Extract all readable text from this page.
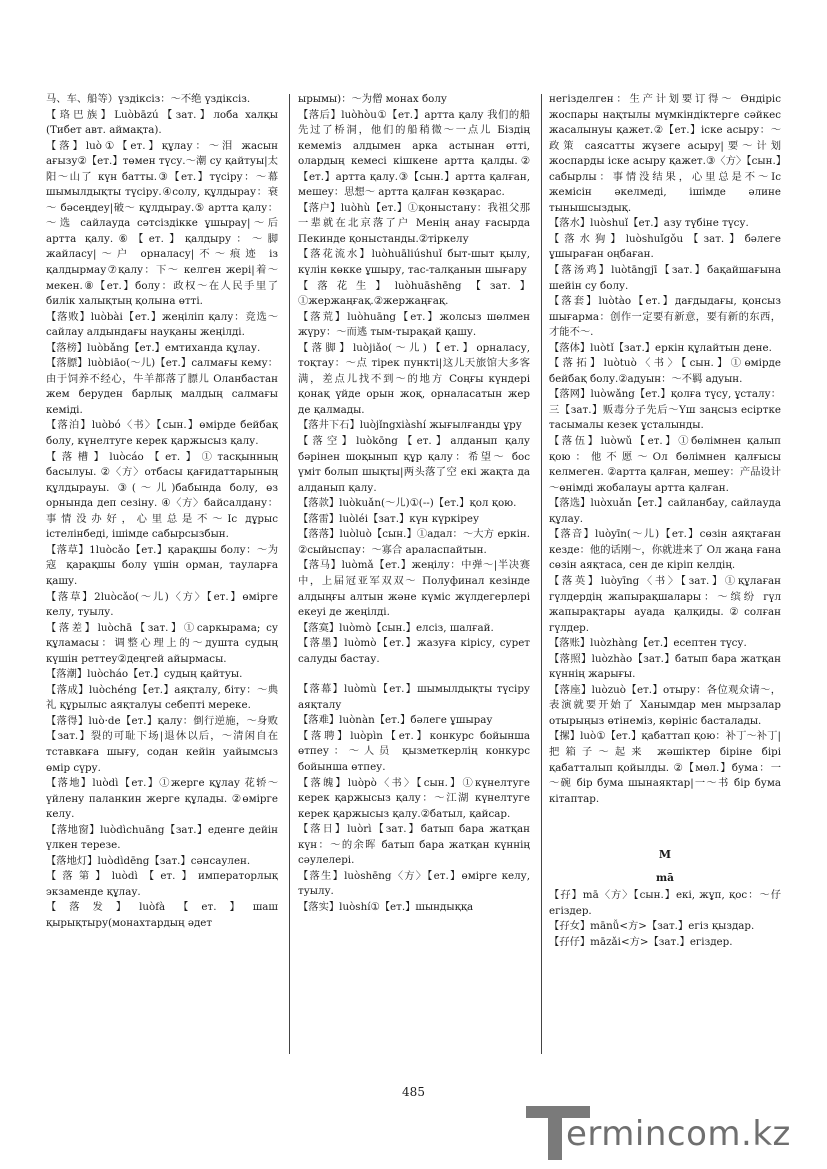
马、车、船等）үздіксіз：～不绝 үздіксіз.

【珞巴族】Luòbāzú【зат.】лоба халқы (Тибет авт. аймақта).

【落】luò①【ет.】құлау：～泪 жасын ағызу②【ет.】төмен түсу.～潮 су қайтуы|太阳～山了 күн батты.③【ет.】түсіру：～幕 шымылдықты түсіру.④солу, құлдырау：衰～ бәсеңдеу|破～ құлдырау.⑤ артта қалу：～选 сайлауда сәтсіздікке ұшырау|～后 артта қалу.⑥【ет.】қалдыру：～脚 жайласу|～户 орналасу|不～痕迹 із қалдырмау⑦қалу：下～ келген жері|着～ мекен.⑧【ет.】болу：政权～在人民手里了 билік халықтың қолына өтті.

【落败】luòbài【ет.】жеңіліп қалу：竞选～сайлау алдындағы науқаны жеңілді.

【落榜】luòbǎng【ет.】емтиханда құлау.

【落膘】luòbiāo(～儿)【ет.】салмағы кему：由于饲养不经心，牛羊都落了膘儿 Оланбастан жем беруден барлық малдың салмағы кеміді.

【落泊】luòbó〈书〉【сын.】өмірде бейбақ болу, күнелтуге керек қаржысыз қалу.

【落槽】luòcáo【ет.】①тасқынның басылуы. ②〈方〉отбасы қағидаттарының құлдырауы. ③(～儿)бабында болу, өз орнында деп сезіну. ④〈方〉байсалдану：事情没办好，心里总是不～Іс дұрыс істелінбеді, ішімде сабырсызбын.

【落草】1luòcǎo【ет.】қарақшы болу：～为寇 қарақшы болу үшін орман, тауларға қашу.

【落草】2luòcǎo(～儿)〈方〉【ет.】өмірге келу, туылу.

【落差】luòchā【зат.】①саркырама; су құламасы：调整心理上的～душта судың күшін реттеу②деңгей айырмасы.

【落潮】luòcháo【ет.】судың қайтуы.

【落成】luòchéng【ет.】аяқталу, біту：～典礼 құрылыс аяқталуы себепті мереке.

【落得】luò·de【ет.】қалу：倒行逆施，～身败【зат.】裂的可耻下场|退休以后，～清闲自在 тставкаға шығу, содан кейін уайымсыз өмір сүру.

【落地】luòdì【ет.】①жерге құлау 花轿～ үйлену паланкин жерге құлады. ②өмірге келу.

【落地窗】luòdìchuāng【зат.】еденге дейін үлкен терезе.

【落地灯】luòdìdēng【зат.】сәнсаулен.

【落第】luòdì【ет.】императорлық экзаменде құлау.

【落发】luòfà【ет.】шаш қырықтыру(монахтардың әдет

ырымы)：～为僧 монах болу

【落后】luòhòu①【ет.】артта қалу 我们的船先过了桥洞，他们的船稍微～一点儿 Біздің кемеміз алдымен арка астынан өтті, олардың кемесі кішкене артта қалды.②【ет.】артта қалу.③【сын.】артта қалған, мешеу：思想～ артта қалған көзқарас.

【落户】luòhù【ет.】①қоныстану：我祖父那一辈就在北京落了户 Менің анау ғасырда Пекинде қоныстанды.②тіркелу

【落花流水】luòhuāliúshuǐ быт-шыт қылу, күлін көкке ұшыру, тас-талқанын шығару

【落花生】luòhuāshēng【зат.】①жержаңғақ.②жержаңғақ.

【落荒】luòhuāng【ет.】жолсыз шөлмен жүру：～而逃 тым-тырақай қашу.

【落脚】luòjiǎo(～儿)【ет.】орналасу, тоқтау：～点 тірек пункті|这儿天旅馆大多客满，差点儿找不到～的地方 Соңғы күндері қонақ үйде орын жоқ, орналасатын жер де қалмады.

【落井下石】luòjǐngxiàshí жығылғанды ұру

【落空】luòkōng【ет.】алданып қалу бәрінен шоқынып құр қалу：希望～ бос үміт болып шықты|两头落了空 екі жақта да алданып қалу.

【落款】luòkuǎn(～儿)①(--)【ет.】қол қою.

【落雷】luòléi【зат.】күн күркіреу

【落落】luòluò【сын.】①адал：～大方 еркін. ②сыйыспау：～寡合 араласпайтын.

【落马】luòmǎ【ет.】жеңілу：中弹～|半决赛中，上届冠亚军双双～ Полуфинал кезінде алдыңғы алтын және күміс жүлдегерлері екеуі де жеңілді.

【落寞】luòmò【сын.】елсіз, шалғай.

【落墨】luòmò【ет.】жазуға кірісу, сурет салуды бастау.

【落幕】luòmù【ет.】шымылдықты түсіру аяқталу

【落难】luònàn【ет.】бәлеге ұшырау

【落聘】luòpìn【ет.】конкурс бойынша өтпеу：～人员 қызметкерлің конкурс бойынша өтпеу.

【落魄】luòpò〈书〉【сын.】①күнелтуге керек қаржысыз қалу：～江湖 күнелтуге керек қаржысыз қалу.②батыл, қайсар.

【落日】luòrì【зат.】батып бара жатқан күн：～的余晖 батып бара жатқан күннің сәулелері.

【落生】luòshēng〈方〉【ет.】өмірге келу, туылу.

【落实】luòshí①【ет.】шындыққа

негізделген：生产计划要订得～ Өндіріс жоспары нақтылы мүмкіндіктерге сәйкес жасалынуы қажет.②【ет.】іске асыру：～政策 саясатты жүзеге асыру|要～计划 жоспарды іске асыру қажет.③〈方〉【сын.】сабырлы：事情没结果，心里总是不～Іс жемісін әкелмеді, ішімде әлине тынышсыздық.

【落水】luòshuǐ【ет.】азу түбіне түсу.

【落水狗】luòshuǐgǒu【зат.】бәлеге ұшыраған оңбаған.

【落汤鸡】luòtāngjī【зат.】бақайшағына шейін су болу.

【落套】luòtào【ет.】дағдыдағы, қонсыз шығарма：创作一定要有新意，要有新的东西，才能不～.

【落体】luòtǐ【зат.】еркін құлайтын дене.

【落拓】luòtuò〈书〉【сын.】①өмірде бейбақ болу.②адуын：～不羁 адуын.

【落网】luòwǎng【ет.】қолға түсу, ұсталу：三【зат.】贩毒分子先后～Үш заңсыз есірткe тасымалы кезек ұсталынды.

【落伍】luòwǔ【ет.】①бөлімнен қалып қою：他不愿～Ол бөлімнен қалғысы келмеген. ②артта қалған, мешеу：产品设计～өнімді жобалауы артта қалған.

【落选】luòxuǎn【ет.】сайланбау, сайлауда құлау.

【落音】luòyīn(～儿)【ет.】сөзін аяқтаған кезде：他的话刚～，你就进来了 Ол жаңа ғана сөзін аяқтаса, сен де кіріп келдің.

【落英】luòyīng〈书〉【зат.】①құлаған гүлдердің жапырақшалары：～缤纷 гүл жапырақтары ауада қалқиды.②солған гүлдер.

【落账】luòzhàng【ет.】есептен түсу.

【落照】luòzhào【зат.】батып бара жатқан күннің жарығы.

【落座】luòzuò【ет.】отыру：各位观众请～，表演就要开始了 Ханымдар мен мырзалар отырыңыз өтінеміз, көрініс басталады.

【摞】luò①【ет.】қабаттап қою：补丁～补丁|把箱子～起来 жәшіктер біріне бірі қабатталып қойылды. ②【мөл.】бума：一～碗 бір бума шынаяктар|一～书 бір бума кітаптар.

M
mā

【孖】mā〈方〉【сын.】екі, жұп, қос：～仔 егіздер.

【孖女】mānǚ<方>【зат.】егіз қыздар.

【孖仔】māzǎi<方>【зат.】егіздер.

485
ermincom.kz
